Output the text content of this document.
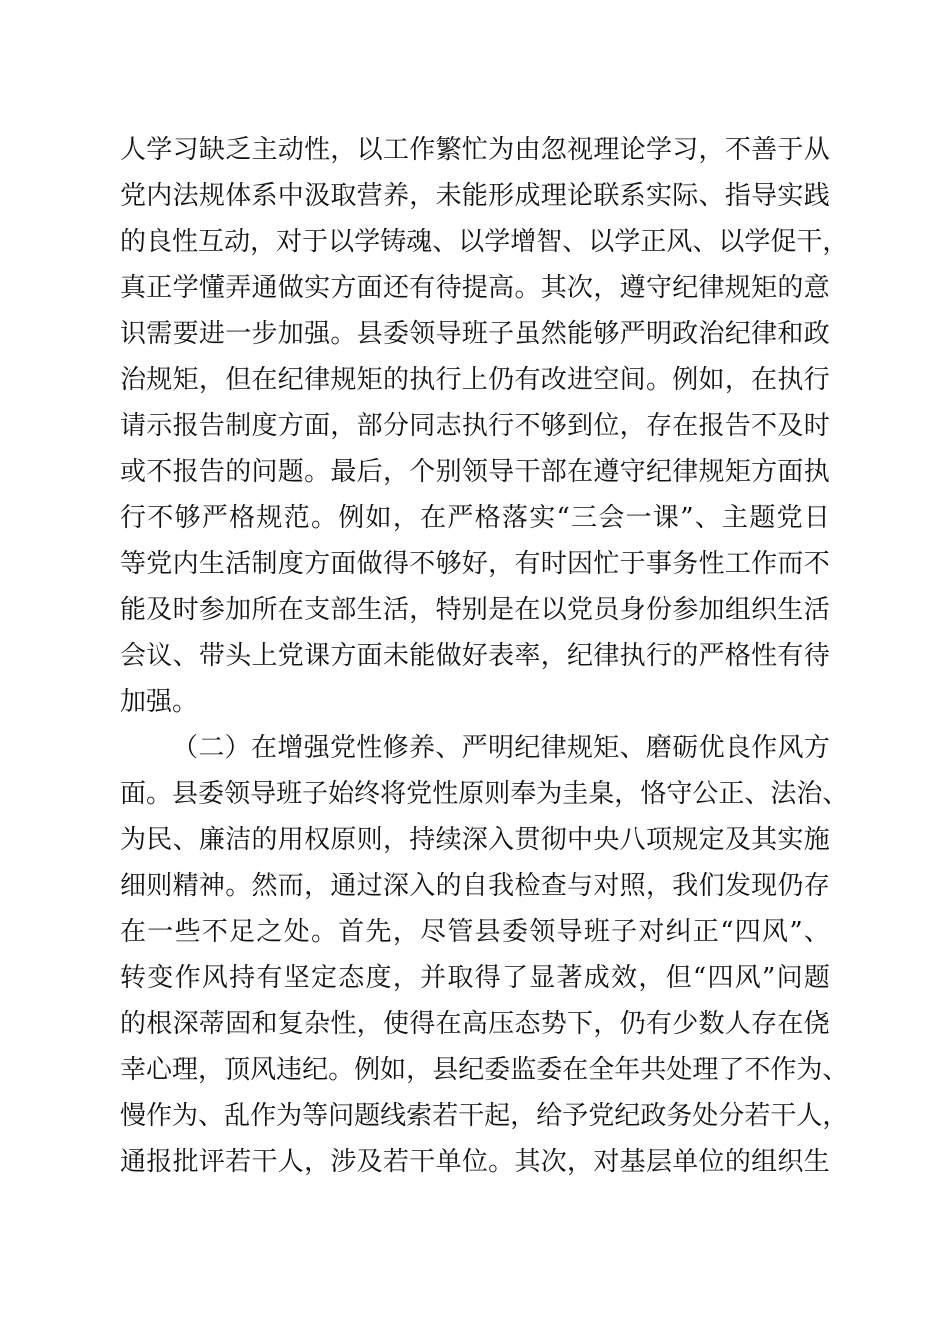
人 学 习 缺 乏 主 动 性 ， 以 工 作 繁 忙 为 由 忽 视 理 论 学 习 ， 不 善 于 从
党 内 法 规 体 系 中 汲 取 营 养 ， 未 能 形 成 理 论 联 系 实 际 、 指 导 实 践
的 良 性 互 动 ， 对 于 以 学 铸 魂 、 以 学 增 智 、 以 学 正 风 、 以 学 促 干 ，
真 正 学 懂 弄 通 做 实 方 面 还 有 待 提 高 。 其 次 ， 遵 守 纪 律 规 矩 的 意
识 需 要 进 一 步 加 强 。 县 委 领 导 班 子 虽 然 能 够 严 明 政 治 纪 律 和 政
治 规 矩 ， 但 在 纪 律 规 矩 的 执 行 上 仍 有 改 进 空 间 。 例 如 ， 在 执 行
请 示 报 告 制 度 方 面 ， 部 分 同 志 执 行 不 够 到 位 ， 存 在 报 告 不 及 时
或 不 报 告 的 问 题 。 最 后 ， 个 别 领 导 干 部 在 遵 守 纪 律 规 矩 方 面 执
行 不 够 严 格 规 范 。 例 如 ， 在 严 格 落 实 “ 三 会 一 课 ” 、 主 题 党 日
等 党 内 生 活 制 度 方 面 做 得 不 够 好 ， 有 时 因 忙 于 事 务 性 工 作 而 不
能 及 时 参 加 所 在 支 部 生 活 ， 特 别 是 在 以 党 员 身 份 参 加 组 织 生 活
会 议 、 带 头 上 党 课 方 面 未 能 做 好 表 率 ， 纪 律 执 行 的 严 格 性 有 待
加强。
（ 二 ） 在 增 强 党 性 修 养 、 严 明 纪 律 规 矩 、 磨 砺 优 良 作 风 方
面 。 县 委 领 导 班 子 始 终 将 党 性 原 则 奉 为 圭 臬 ， 恪 守 公 正 、 法 治 、
为 民 、 廉 洁 的 用 权 原 则 ， 持 续 深 入 贯 彻 中 央 八 项 规 定 及 其 实 施
细 则 精 神 。 然 而 ， 通 过 深 入 的 自 我 检 查 与 对 照 ， 我 们 发 现 仍 存
在 一 些 不 足 之 处 。 首 先 ， 尽 管 县 委 领 导 班 子 对 纠 正 “ 四 风 ” 、
转 变 作 风 持 有 坚 定 态 度 ， 并 取 得 了 显 著 成 效 ， 但 “ 四 风 ” 问 题
的 根 深 蒂 固 和 复 杂 性 ， 使 得 在 高 压 态 势 下 ， 仍 有 少 数 人 存 在 侥
幸 心 理 ， 顶 风 违 纪 。 例 如 ， 县 纪 委 监 委 在 全 年 共 处 理 了 不 作 为 、
慢 作 为 、 乱 作 为 等 问 题 线 索 若 干 起 ， 给 予 党 纪 政 务 处 分 若 干 人 ，
通 报 批 评 若 干 人 ， 涉 及 若 干 单 位 。 其 次 ， 对 基 层 单 位 的 组 织 生
